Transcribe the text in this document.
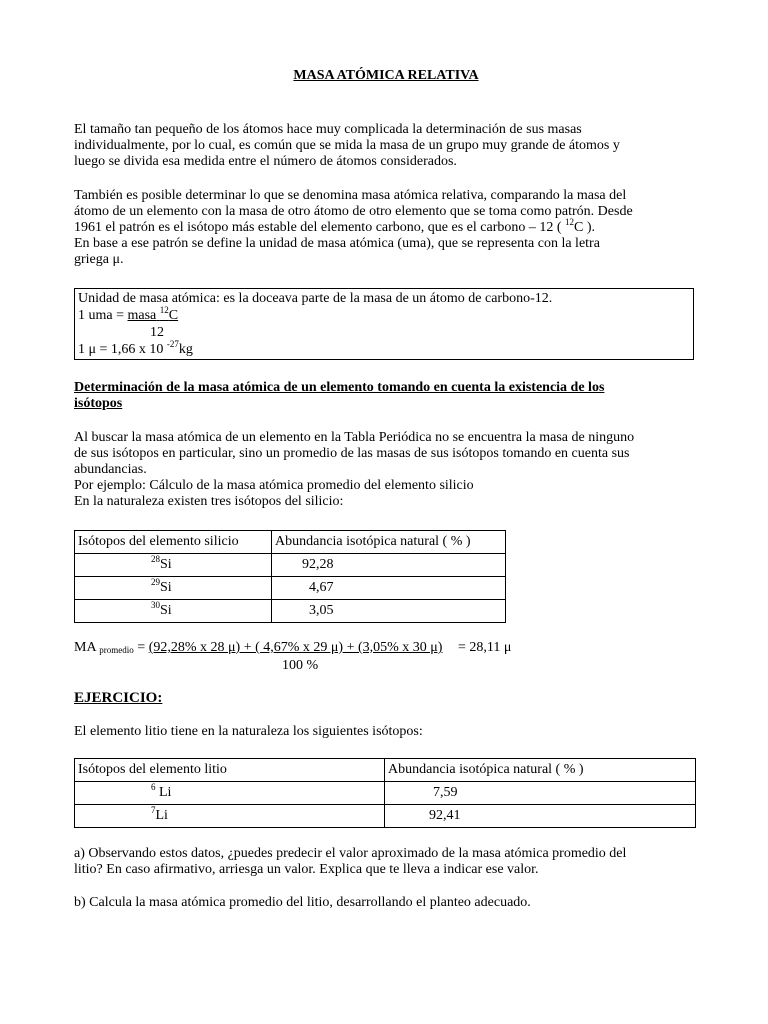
MASA ATÓMICA RELATIVA
El tamaño tan pequeño de los átomos hace muy complicada la determinación de sus masas
individualmente, por lo cual, es común que se mida la masa de un grupo muy grande de átomos y
luego se divida esa medida entre el número de átomos considerados.
También es posible determinar lo que se denomina masa atómica relativa, comparando la masa del
átomo de un elemento con la masa de otro átomo de otro elemento que se toma como patrón. Desde
1961 el patrón es el isótopo más estable del elemento carbono, que es el carbono – 12 ( $^{12}$C ).
En base a ese patrón se define la unidad de masa atómica (uma), que se representa con la letra
griega μ.
Unidad de masa atómica: es la doceava parte de la masa de un átomo de carbono-12.
1 uma = masa $^{12}$C
12
1 μ = 1,66 x 10 $^{-27}$kg
Determinación de la masa atómica de un elemento tomando en cuenta la existencia de los
isótopos
Al buscar la masa atómica de un elemento en la Tabla Periódica no se encuentra la masa de ninguno
de sus isótopos en particular, sino un promedio de las masas de sus isótopos tomando en cuenta sus
abundancias.
Por ejemplo: Cálculo de la masa atómica promedio del elemento silicio
En la naturaleza existen tres isótopos del silicio:
Isótopos del elemento silicio	Abundancia isotópica natural ( % )
$^{28}$Si	92,28
$^{29}$Si	4,67
$^{30}$Si	3,05
MA $_{promedio}$ = (92,28% x 28 μ) + ( 4,67% x 29 μ) + (3,05% x 30 μ) = 28,11 μ
100 %
EJERCICIO:
El elemento litio tiene en la naturaleza los siguientes isótopos:
Isótopos del elemento litio	Abundancia isotópica natural ( % )
$^6$ Li	7,59
$^7$Li	92,41
a) Observando estos datos, ¿puedes predecir el valor aproximado de la masa atómica promedio del
litio? En caso afirmativo, arriesga un valor. Explica que te lleva a indicar ese valor.
b) Calcula la masa atómica promedio del litio, desarrollando el planteo adecuado.
